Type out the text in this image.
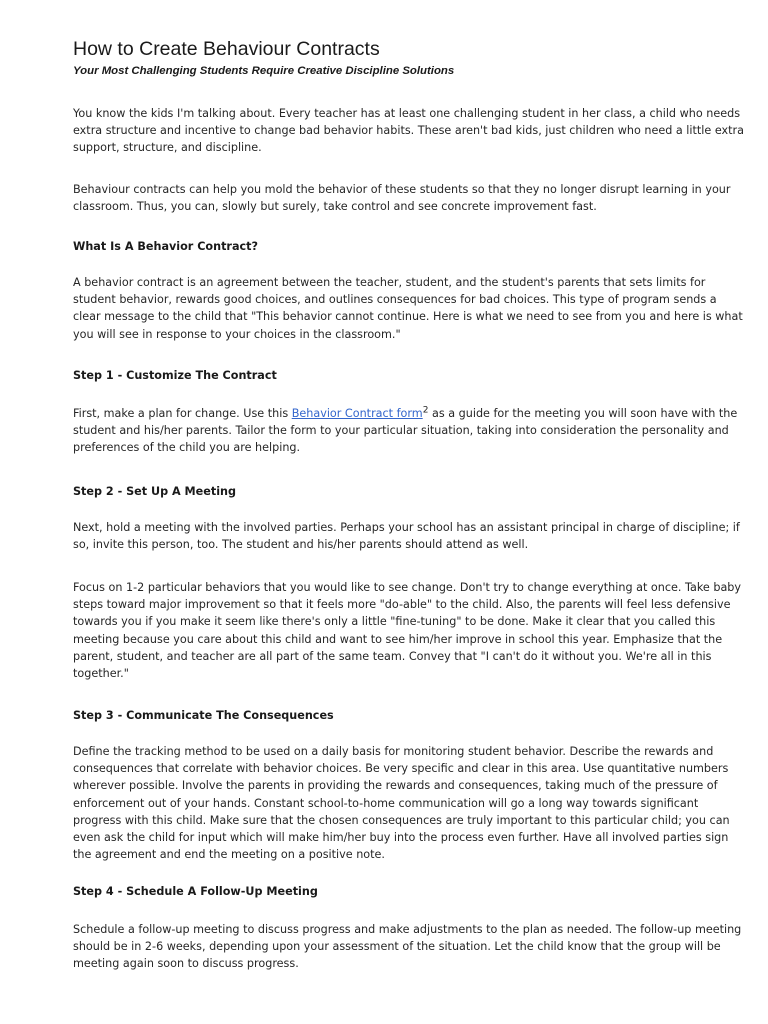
How to Create Behaviour Contracts

Your Most Challenging Students Require Creative Discipline Solutions

You know the kids I'm talking about. Every teacher has at least one challenging student in her class, a child who needs extra structure and incentive to change bad behavior habits. These aren't bad kids, just children who need a little extra support, structure, and discipline.

Behaviour contracts can help you mold the behavior of these students so that they no longer disrupt learning in your classroom. Thus, you can, slowly but surely, take control and see concrete improvement fast.

What Is A Behavior Contract?

A behavior contract is an agreement between the teacher, student, and the student's parents that sets limits for student behavior, rewards good choices, and outlines consequences for bad choices. This type of program sends a clear message to the child that "This behavior cannot continue. Here is what we need to see from you and here is what you will see in response to your choices in the classroom."

Step 1 - Customize The Contract

First, make a plan for change. Use this Behavior Contract form$^2$ as a guide for the meeting you will soon have with the student and his/her parents. Tailor the form to your particular situation, taking into consideration the personality and preferences of the child you are helping.

Step 2 - Set Up A Meeting

Next, hold a meeting with the involved parties. Perhaps your school has an assistant principal in charge of discipline; if so, invite this person, too. The student and his/her parents should attend as well.

Focus on 1-2 particular behaviors that you would like to see change. Don't try to change everything at once. Take baby steps toward major improvement so that it feels more "do-able" to the child. Also, the parents will feel less defensive towards you if you make it seem like there's only a little "fine-tuning" to be done. Make it clear that you called this meeting because you care about this child and want to see him/her improve in school this year. Emphasize that the parent, student, and teacher are all part of the same team. Convey that "I can't do it without you. We're all in this together."

Step 3 - Communicate The Consequences

Define the tracking method to be used on a daily basis for monitoring student behavior. Describe the rewards and consequences that correlate with behavior choices. Be very specific and clear in this area. Use quantitative numbers wherever possible. Involve the parents in providing the rewards and consequences, taking much of the pressure of enforcement out of your hands. Constant school-to-home communication will go a long way towards significant progress with this child. Make sure that the chosen consequences are truly important to this particular child; you can even ask the child for input which will make him/her buy into the process even further. Have all involved parties sign the agreement and end the meeting on a positive note.

Step 4 - Schedule A Follow-Up Meeting

Schedule a follow-up meeting to discuss progress and make adjustments to the plan as needed. The follow-up meeting should be in 2-6 weeks, depending upon your assessment of the situation. Let the child know that the group will be meeting again soon to discuss progress.
